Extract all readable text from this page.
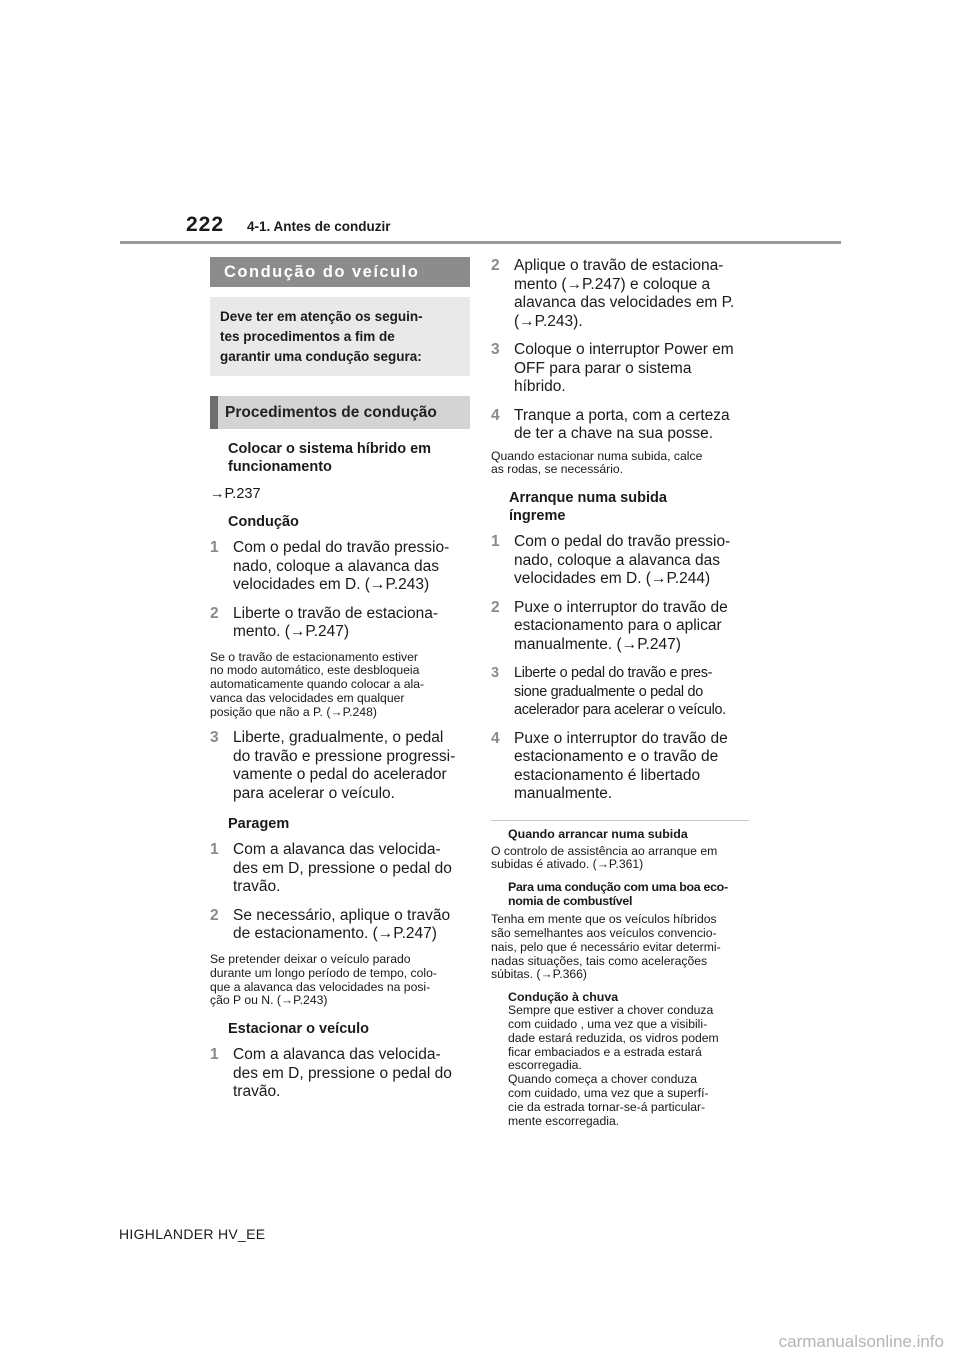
222 4-1. Antes de conduzir
Condução do veículo
Deve ter em atenção os seguin-
tes procedimentos a fim de
garantir uma condução segura:
Procedimentos de condução
Colocar o sistema híbrido em
funcionamento
→P.237
Condução
1 Com o pedal do travão pressio-
nado, coloque a alavanca das
velocidades em D. (→P.243)
2 Liberte o travão de estaciona-
mento. (→P.247)
Se o travão de estacionamento estiver
no modo automático, este desbloqueia
automaticamente quando colocar a ala-
vanca das velocidades em qualquer
posição que não a P. (→P.248)
3 Liberte, gradualmente, o pedal
do travão e pressione progressi-
vamente o pedal do acelerador
para acelerar o veículo.
Paragem
1 Com a alavanca das velocida-
des em D, pressione o pedal do
travão.
2 Se necessário, aplique o travão
de estacionamento. (→P.247)
Se pretender deixar o veículo parado
durante um longo período de tempo, colo-
que a alavanca das velocidades na posi-
ção P ou N. (→P.243)
Estacionar o veículo
1 Com a alavanca das velocida-
des em D, pressione o pedal do
travão.
2 Aplique o travão de estaciona-
mento (→P.247) e coloque a
alavanca das velocidades em P.
(→P.243).
3 Coloque o interruptor Power em
OFF para parar o sistema
híbrido.
4 Tranque a porta, com a certeza
de ter a chave na sua posse.
Quando estacionar numa subida, calce
as rodas, se necessário.
Arranque numa subida
íngreme
1 Com o pedal do travão pressio-
nado, coloque a alavanca das
velocidades em D. (→P.244)
2 Puxe o interruptor do travão de
estacionamento para o aplicar
manualmente. (→P.247)
3 Liberte o pedal do travão e pres-
sione gradualmente o pedal do
acelerador para acelerar o veículo.
4 Puxe o interruptor do travão de
estacionamento e o travão de
estacionamento é libertado
manualmente.
Quando arrancar numa subida
O controlo de assistência ao arranque em
subidas é ativado. (→P.361)
Para uma condução com uma boa eco-
nomia de combustível
Tenha em mente que os veículos híbridos
são semelhantes aos veículos convencio-
nais, pelo que é necessário evitar determi-
nadas situações, tais como acelerações
súbitas. (→P.366)
Condução à chuva
Sempre que estiver a chover conduza
com cuidado , uma vez que a visibili-
dade estará reduzida, os vidros podem
ficar embaciados e a estrada estará
escorregadia.
Quando começa a chover conduza
com cuidado, uma vez que a superfí-
cie da estrada tornar-se-á particular-
mente escorregadia.
HIGHLANDER HV_EE
carmanualsonline.info
